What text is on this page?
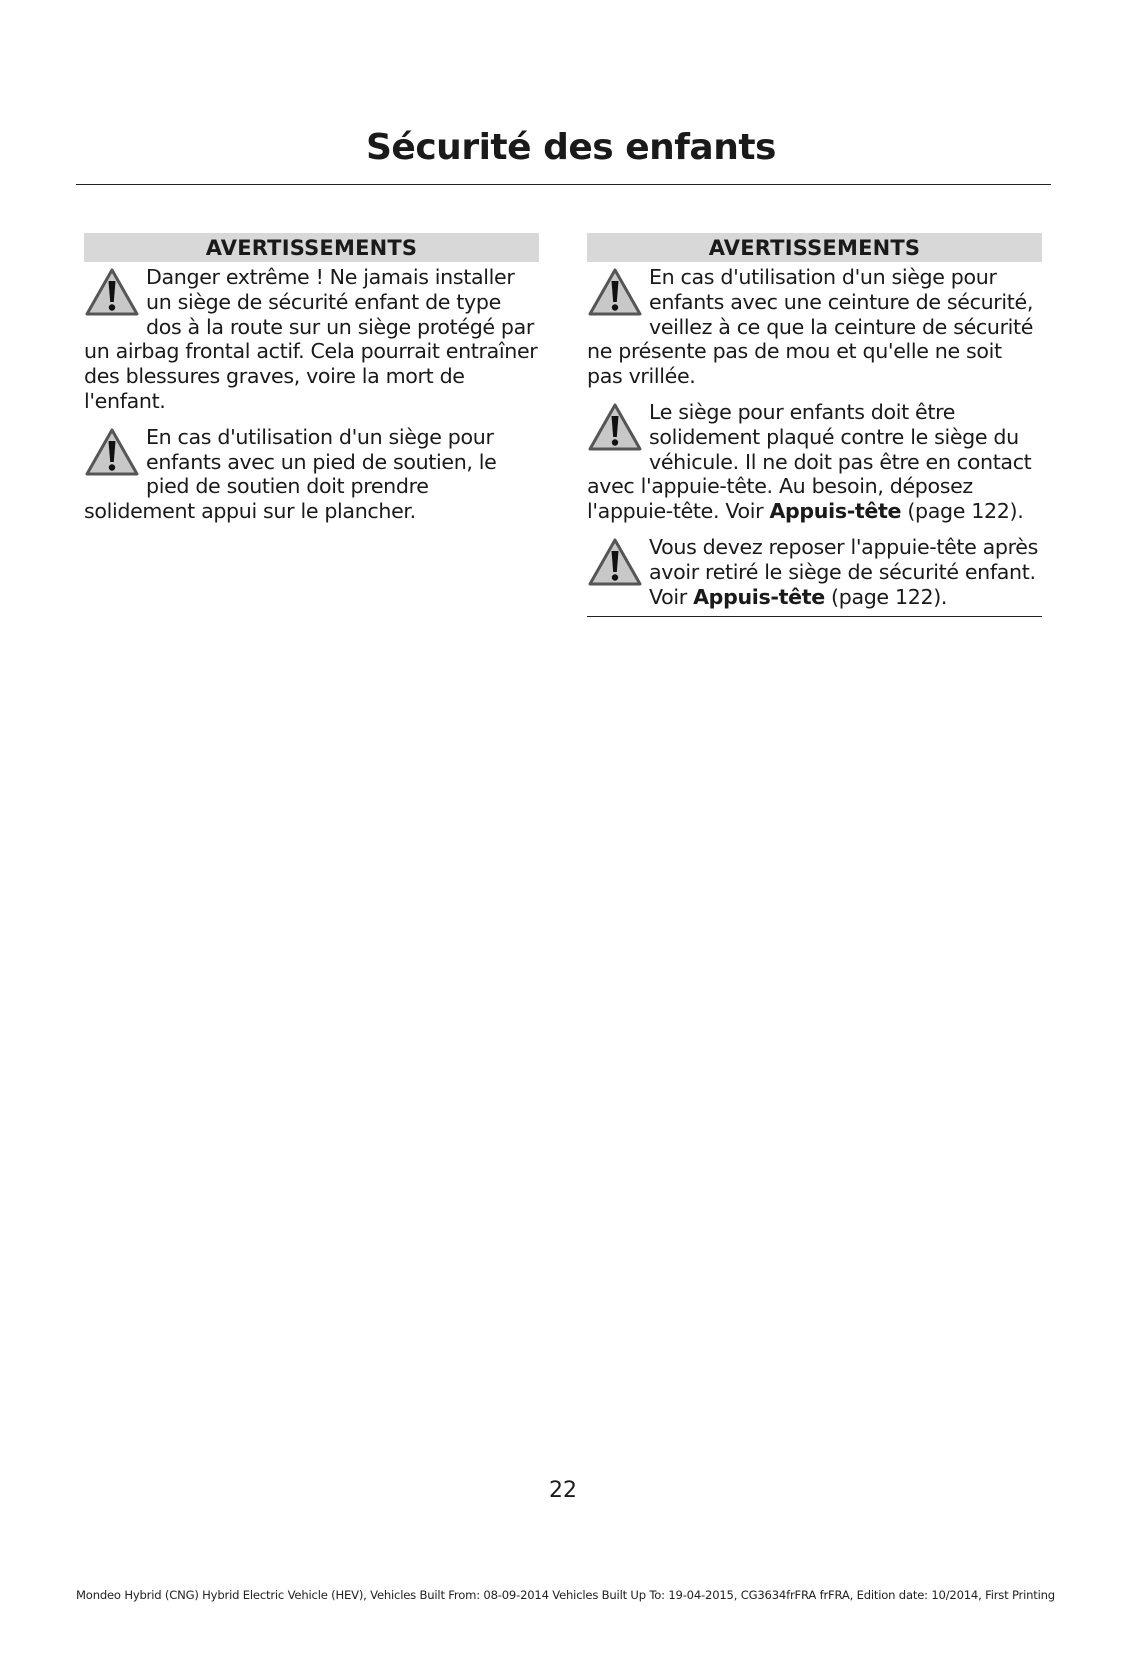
Sécurité des enfants
AVERTISSEMENTS
Danger extrême ! Ne jamais installer un siège de sécurité enfant de type dos à la route sur un siège protégé par un airbag frontal actif. Cela pourrait entraîner des blessures graves, voire la mort de l'enfant.
En cas d'utilisation d'un siège pour enfants avec un pied de soutien, le pied de soutien doit prendre solidement appui sur le plancher.
AVERTISSEMENTS
En cas d'utilisation d'un siège pour enfants avec une ceinture de sécurité, veillez à ce que la ceinture de sécurité ne présente pas de mou et qu'elle ne soit pas vrillée.
Le siège pour enfants doit être solidement plaqué contre le siège du véhicule. Il ne doit pas être en contact avec l'appuie-tête. Au besoin, déposez l'appuie-tête. Voir Appuis-tête (page 122).
Vous devez reposer l'appuie-tête après avoir retiré le siège de sécurité enfant. Voir Appuis-tête (page 122).
22
Mondeo Hybrid (CNG) Hybrid Electric Vehicle (HEV), Vehicles Built From: 08-09-2014 Vehicles Built Up To: 19-04-2015, CG3634frFRA frFRA, Edition date: 10/2014, First Printing
